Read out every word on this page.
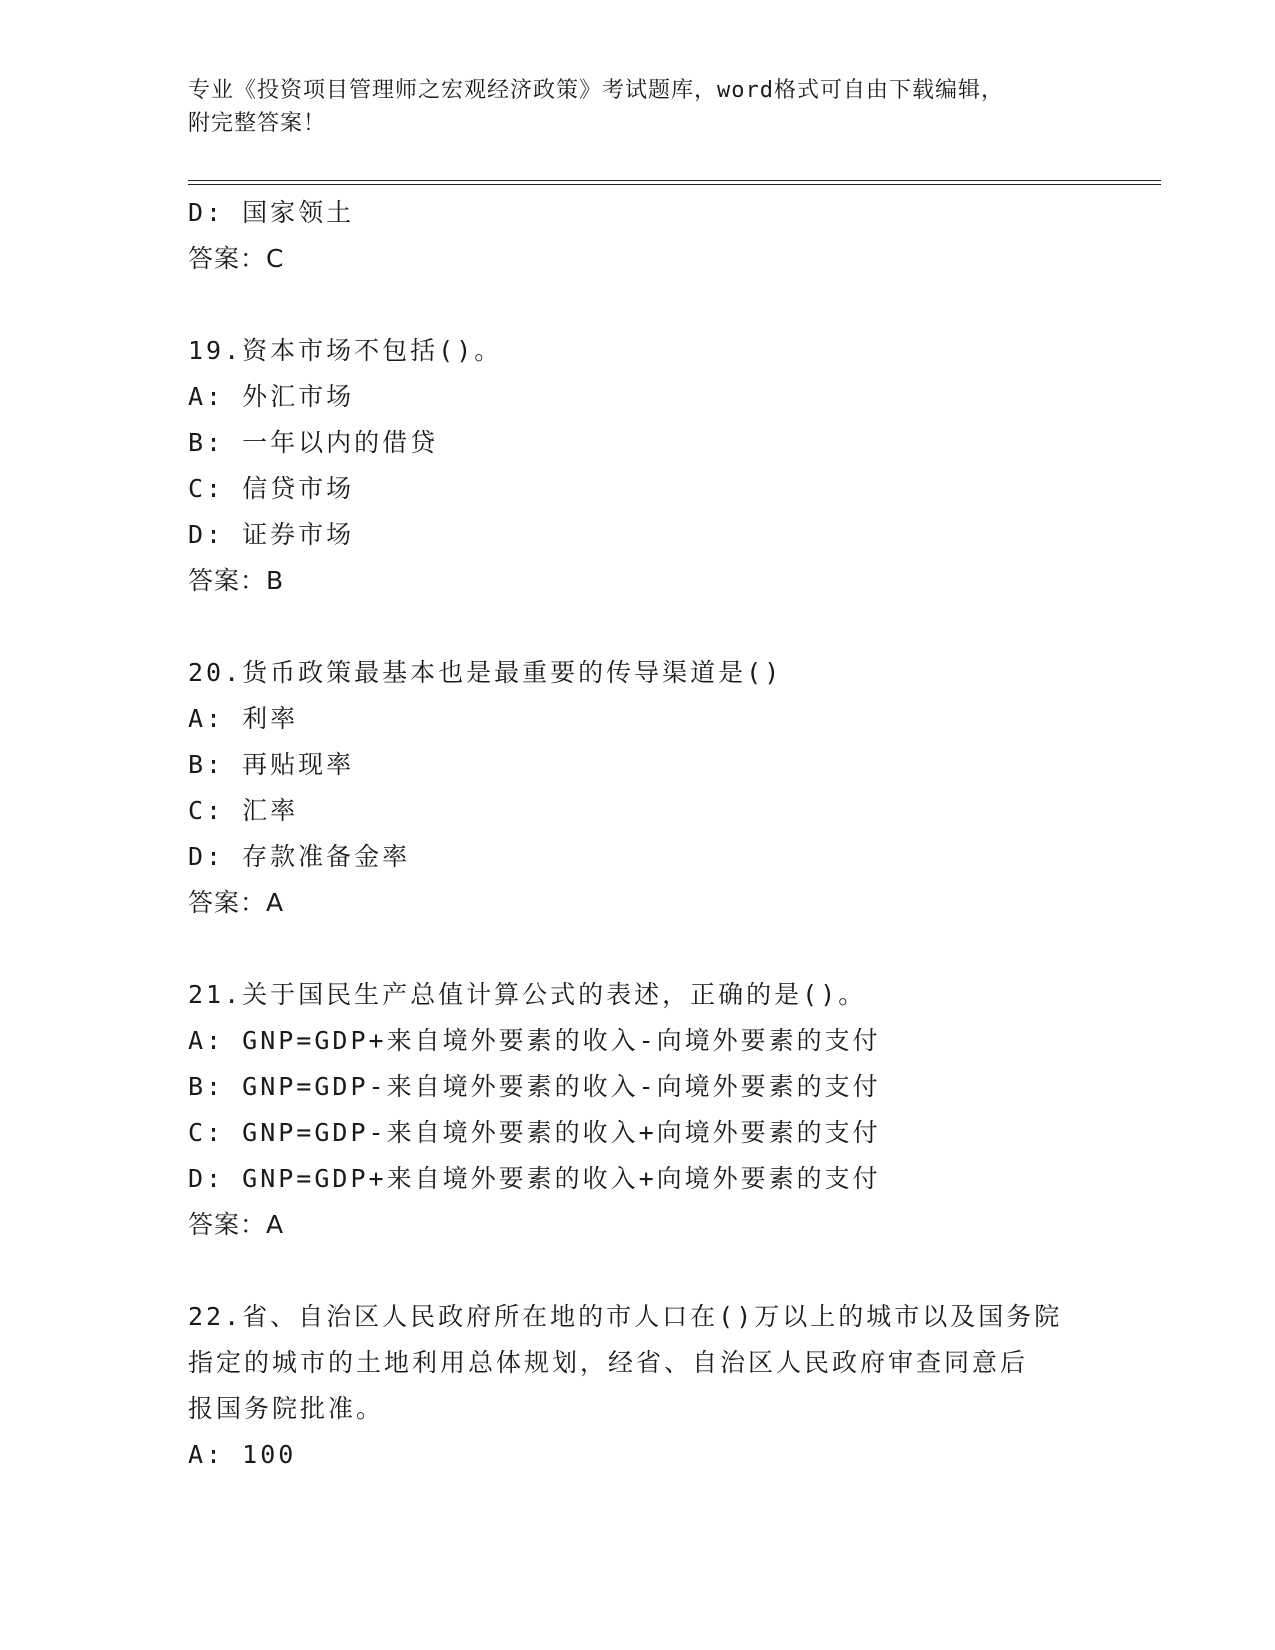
专业《投资项目管理师之宏观经济政策》考试题库，word格式可自由下载编辑，
附完整答案！
D: 国家领土
答案：C
19.资本市场不包括()。
A: 外汇市场
B: 一年以内的借贷
C: 信贷市场
D: 证券市场
答案：B
20.货币政策最基本也是最重要的传导渠道是()
A: 利率
B: 再贴现率
C: 汇率
D: 存款准备金率
答案：A
21.关于国民生产总值计算公式的表述，正确的是()。
A: GNP=GDP+来自境外要素的收入-向境外要素的支付
B: GNP=GDP-来自境外要素的收入-向境外要素的支付
C: GNP=GDP-来自境外要素的收入+向境外要素的支付
D: GNP=GDP+来自境外要素的收入+向境外要素的支付
答案：A
22.省、自治区人民政府所在地的市人口在()万以上的城市以及国务院
指定的城市的土地利用总体规划，经省、自治区人民政府审查同意后
报国务院批准。
A: 100
